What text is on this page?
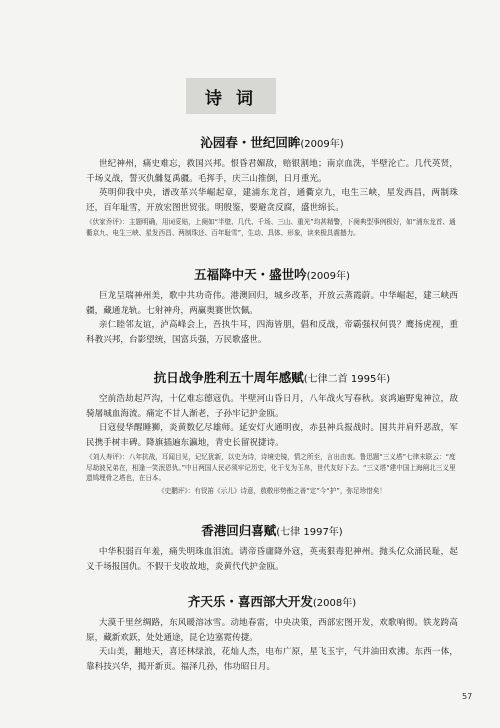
诗 词
沁园春・世纪回眸(2009年)

世纪神州，痛史难忘，救国兴邦。恨昏君媚敌，赔银割地；南京血洗，半壁沦亡。几代英贤，千场义战，誓灭仇雠复禹疆。毛挥手，庆三山推倒，日月重光。

英明仰我中央，谱改革兴华崛起章，建浦东龙首，通衢京九，电生三峡，星发西昌，两制珠还，百年耻雪，开放宏图世贸张。明殷鉴，要避贪反腐，盛世绵长。

《伏家乔评》：主题明确，用词妥贴，上阕如“半壁、几代、千场、三山、重光”均甚精警，下阕典型事例极好，如“浦东龙首、通衢京九、电生三峡、星发西昌、两制珠还、百年耻雪”，生动、具体、形象，读来极具震撼力。

五福降中天・盛世吟(2009年)

巨龙呈瑞神州美，歌中共功奇伟。港澳回归，城乡改革，开放云蒸霞蔚。中华崛起，建三峡西疆，藏通龙轨。七射神舟，两赢奥赛世饮佩。

亲仁睦邻友谊，泸高峰会上，吾执牛耳，四海皆朋，倡和反战，帝霸强权何畏？鹰扬虎视，重科教兴邦，台影望统，国富兵强，万民歌盛世。

抗日战争胜利五十周年感赋(七律二首 1995年)

空前浩劫起芦沟，十亿难忘德寇仇。半壁河山昏日月，八年战火写春秋。哀鸿遍野鬼神泣，敌骑屠城血海流。痛定不甘人渐老，子孙牢记护金瓯。

日寇侵华醒睡狮，炎黄数亿尽雄师。延安灯火通明夜，赤县神兵报战时。国共并肩歼恶敌，军民携手树丰碑。降旗插遍东瀛地，青史长留祝捷诗。

《刘人寿评》：八年抗战，耳闻目见，记忆犹新，以史为诗，诗境史镜，情之所至，言出由衷。鲁迅题“三义塔”七律末联云：“度尽劫波兄弟在，相逢一笑泯恩仇。”中日两国人民必须牢记历史，化干戈为玉帛，世代友好下去。“三义塔”建中国上海闸北三义里遗鸠埋骨之塔也，在日本。

《史鹏评》：有钗笛《示儿》诗意，敖敬形势衡之善“定”今“护”，弥足珍惜矣！

香港回归喜赋(七律 1997年)

中华积弱百年羞，痛失明珠血泪流。请帝昏庸降外寇，英夷狠毒犯神州。抛头亿众涌民耻，起义千场报国仇。不假干戈收故地，炎黄代代护金瓯。

齐天乐・喜西部大开发(2008年)

大漠千里丝绸路，东风暖溶冰雪。动地春雷，中央决策，西部宏图开发，欢歌响彻。铁龙跨高原，藏新欢跃，处处通途，昆仑边塞霓传捷。

天山美，翻地天，喜还林绿浪，花灿人杰，电布广原，星飞玉宇，气并油田欢沸。东西一体，靠科技兴华，揭开新页。福泽几孙，伟功昭日月。

57
